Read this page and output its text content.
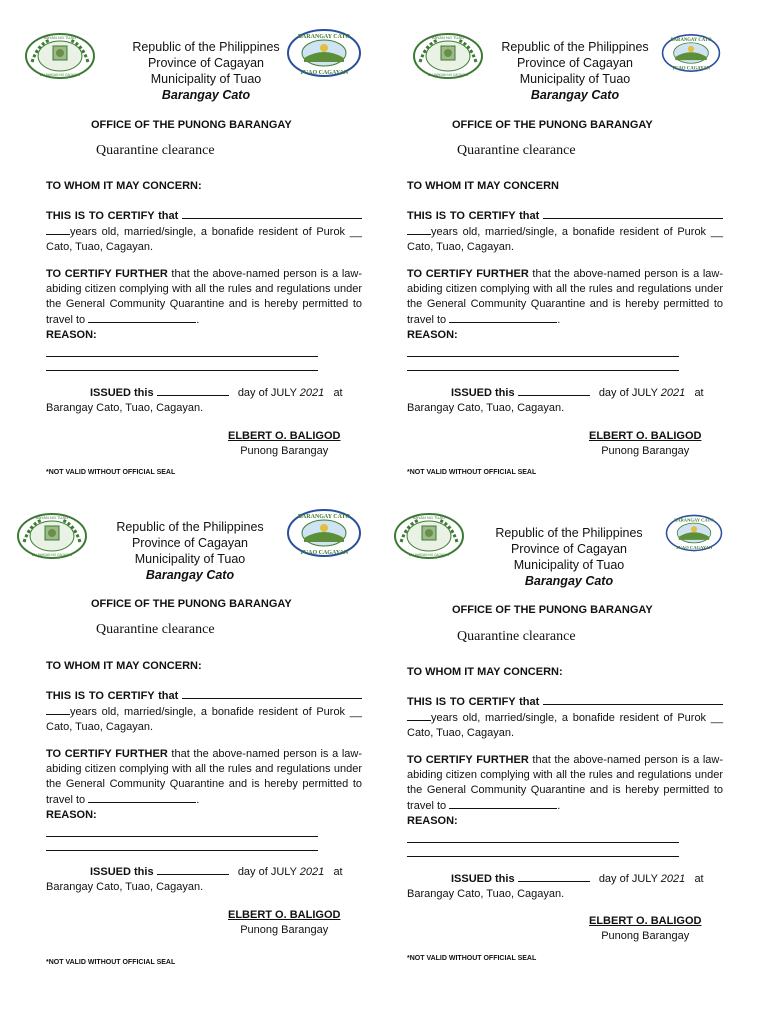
BAYAN NG TUAO
LALAWIGAN NG CAGAYAN
Republic of the Philippines
Province of Cagayan
Municipality of Tuao
Barangay Cato
BARANGAY CATO
TUAO CAGAYAN
OFFICE OF THE PUNONG BARANGAY
Quarantine clearance
TO WHOM IT MAY CONCERN:
THIS IS TO CERTIFY that  years old, married/single, a bonafide resident of Purok __ Cato, Tuao, Cagayan.
TO CERTIFY FURTHER that the above-named person is a law-abiding citizen complying with all the rules and regulations under the General Community Quarantine and is hereby permitted to travel to	.
REASON:
ISSUED this	day of JULY 2021 at
Barangay Cato, Tuao, Cagayan.
ELBERT O. BALIGOD
Punong Barangay
*NOT VALID WITHOUT OFFICIAL SEAL
BAYAN NG TUAO
LALAWIGAN NG CAGAYAN
Republic of the Philippines
Province of Cagayan
Municipality of Tuao
Barangay Cato
BARANGAY CATO
TUAO CAGAYAN
OFFICE OF THE PUNONG BARANGAY
Quarantine clearance
TO WHOM IT MAY CONCERN
THIS IS TO CERTIFY that  years old, married/single, a bonafide resident of Purok __ Cato, Tuao, Cagayan.
TO CERTIFY FURTHER that the above-named person is a law-abiding citizen complying with all the rules and regulations under the General Community Quarantine and is hereby permitted to travel to	.
REASON:
ISSUED this	day of JULY 2021 at
Barangay Cato, Tuao, Cagayan.
ELBERT O. BALIGOD
Punong Barangay
*NOT VALID WITHOUT OFFICIAL SEAL
BAYAN NG TUAO
LALAWIGAN NG CAGAYAN
Republic of the Philippines
Province of Cagayan
Municipality of Tuao
Barangay Cato
BARANGAY CATO
TUAO CAGAYAN
OFFICE OF THE PUNONG BARANGAY
Quarantine clearance
TO WHOM IT MAY CONCERN:
THIS IS TO CERTIFY that  years old, married/single, a bonafide resident of Purok __ Cato, Tuao, Cagayan.
TO CERTIFY FURTHER that the above-named person is a law-abiding citizen complying with all the rules and regulations under the General Community Quarantine and is hereby permitted to travel to	.
REASON:
ISSUED this	day of JULY 2021 at
Barangay Cato, Tuao, Cagayan.
ELBERT O. BALIGOD
Punong Barangay
*NOT VALID WITHOUT OFFICIAL SEAL
BAYAN NG TUAO
LALAWIGAN NG CAGAYAN
Republic of the Philippines
Province of Cagayan
Municipality of Tuao
Barangay Cato
BARANGAY CATO
TUAO CAGAYAN
OFFICE OF THE PUNONG BARANGAY
Quarantine clearance
TO WHOM IT MAY CONCERN:
THIS IS TO CERTIFY that  years old, married/single, a bonafide resident of Purok __ Cato, Tuao, Cagayan.
TO CERTIFY FURTHER that the above-named person is a law-abiding citizen complying with all the rules and regulations under the General Community Quarantine and is hereby permitted to travel to	.
REASON:
ISSUED this	day of JULY 2021 at
Barangay Cato, Tuao, Cagayan.
ELBERT O. BALIGOD
Punong Barangay
*NOT VALID WITHOUT OFFICIAL SEAL
